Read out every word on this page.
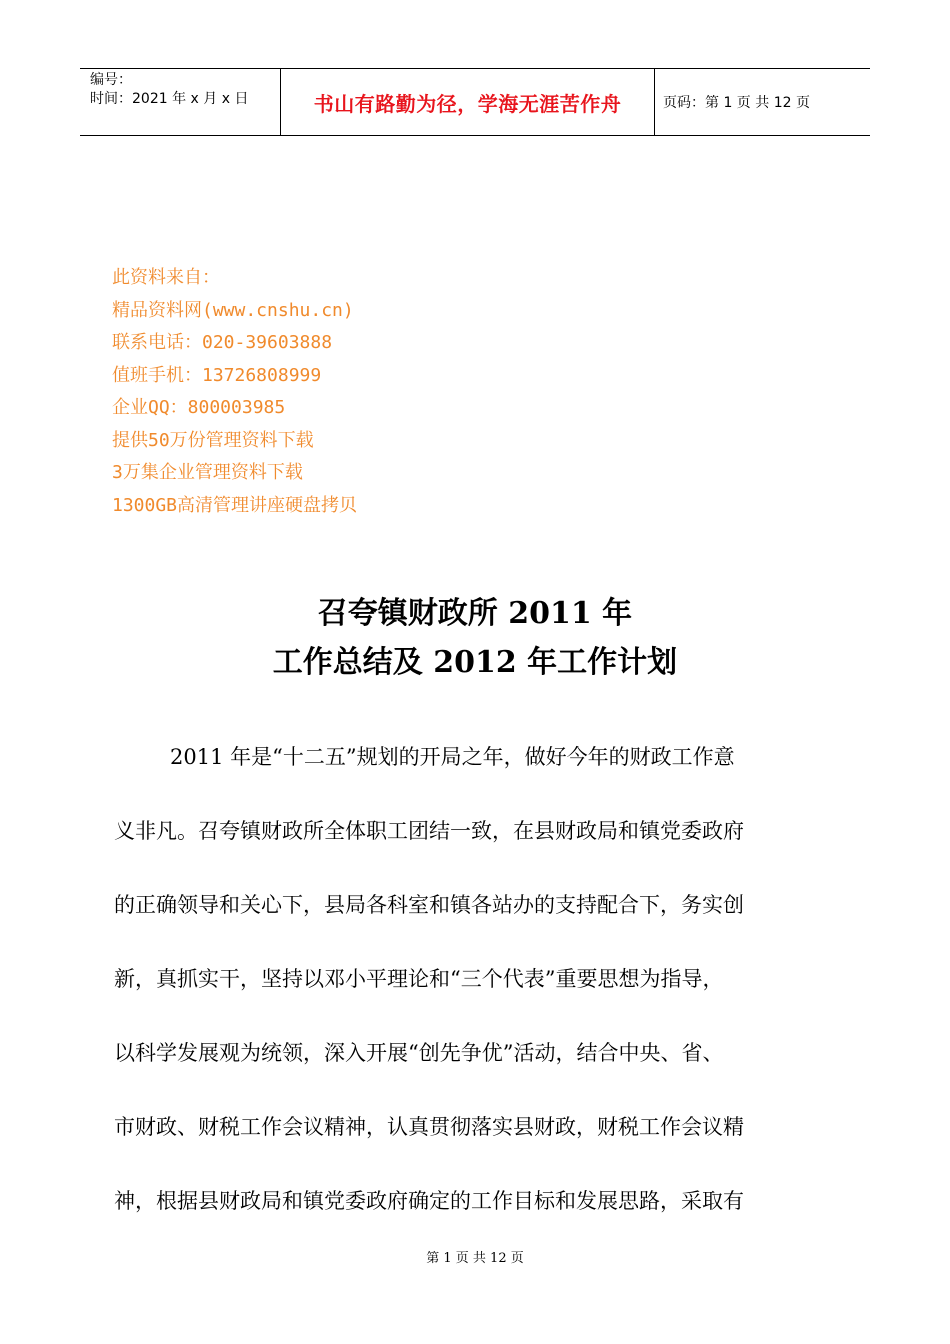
编号：
时间：2021 年 x 月 x 日	书山有路勤为径，学海无涯苦作舟	页码：第 1 页 共 12 页
此资料来自：
精品资料网(www.cnshu.cn)
联系电话：020-39603888
值班手机：13726808999
企业QQ：800003985
提供50万份管理资料下载
3万集企业管理资料下载
1300GB高清管理讲座硬盘拷贝
召夸镇财政所 2011 年
工作总结及 2012 年工作计划
2011 年是“十二五”规划的开局之年，做好今年的财政工作意
义非凡。召夸镇财政所全体职工团结一致，在县财政局和镇党委政府
的正确领导和关心下，县局各科室和镇各站办的支持配合下，务实创
新，真抓实干，坚持以邓小平理论和“三个代表”重要思想为指导，
以科学发展观为统领，深入开展“创先争优”活动，结合中央、省、
市财政、财税工作会议精神，认真贯彻落实县财政，财税工作会议精
神，根据县财政局和镇党委政府确定的工作目标和发展思路，采取有
第 1 页 共 12 页
